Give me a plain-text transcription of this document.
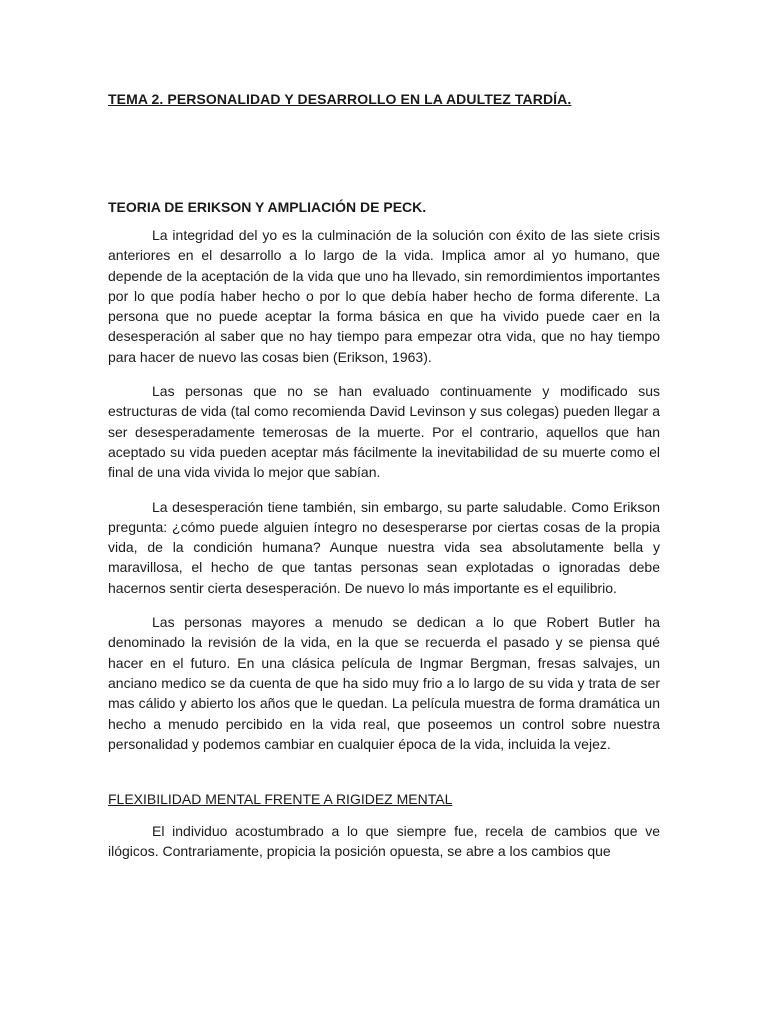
TEMA 2. PERSONALIDAD Y DESARROLLO EN LA ADULTEZ TARDÍA.

TEORIA DE ERIKSON Y AMPLIACIÓN DE PECK.

La integridad del yo es la culminación de la solución con éxito de las siete crisis anteriores en el desarrollo a lo largo de la vida. Implica amor al yo humano, que depende de la aceptación de la vida que uno ha llevado, sin remordimientos importantes por lo que podía haber hecho o por lo que debía haber hecho de forma diferente. La persona que no puede aceptar la forma básica en que ha vivido puede caer en la desesperación al saber que no hay tiempo para empezar otra vida, que no hay tiempo para hacer de nuevo las cosas bien (Erikson, 1963).

Las personas que no se han evaluado continuamente y modificado sus estructuras de vida (tal como recomienda David Levinson y sus colegas) pueden llegar a ser desesperadamente temerosas de la muerte. Por el contrario, aquellos que han aceptado su vida pueden aceptar más fácilmente la inevitabilidad de su muerte como el final de una vida vivida lo mejor que sabían.

La desesperación tiene también, sin embargo, su parte saludable. Como Erikson pregunta: ¿cómo puede alguien íntegro no desesperarse por ciertas cosas de la propia vida, de la condición humana? Aunque nuestra vida sea absolutamente bella y maravillosa, el hecho de que tantas personas sean explotadas o ignoradas debe hacernos sentir cierta desesperación. De nuevo lo más importante es el equilibrio.

Las personas mayores a menudo se dedican a lo que Robert Butler ha denominado la revisión de la vida, en la que se recuerda el pasado y se piensa qué hacer en el futuro. En una clásica película de Ingmar Bergman, fresas salvajes, un anciano medico se da cuenta de que ha sido muy frio a lo largo de su vida y trata de ser mas cálido y abierto los años que le quedan. La película muestra de forma dramática un hecho a menudo percibido en la vida real, que poseemos un control sobre nuestra personalidad y podemos cambiar en cualquier época de la vida, incluida la vejez.

FLEXIBILIDAD MENTAL FRENTE A RIGIDEZ MENTAL

El individuo acostumbrado a lo que siempre fue, recela de cambios que ve ilógicos. Contrariamente, propicia la posición opuesta, se abre a los cambios que
